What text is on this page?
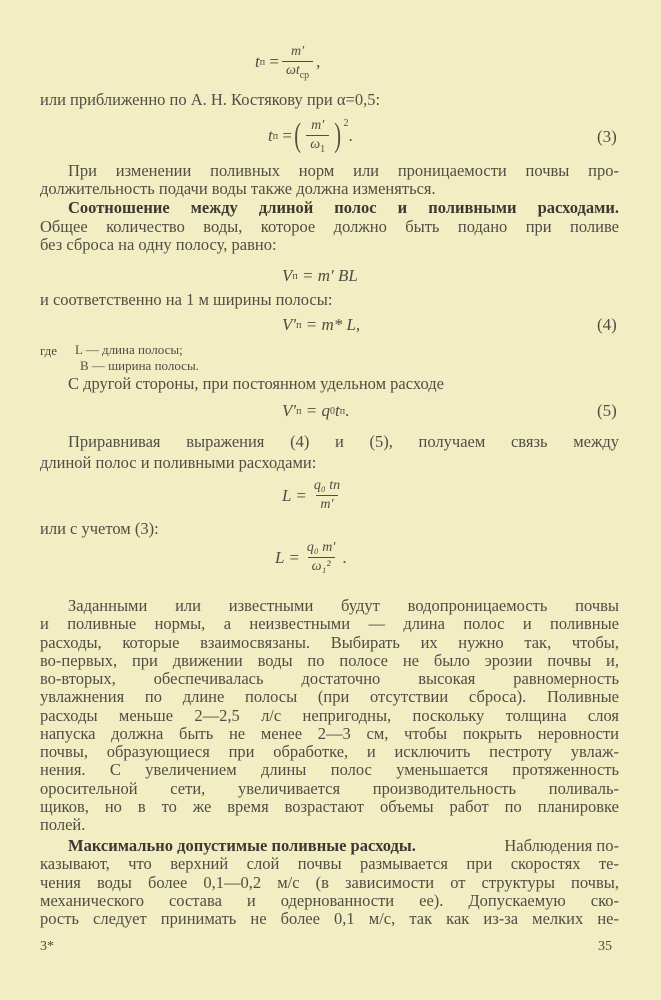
t $п = \frac{m'}{\omega t_{ср}}$ ,
t п = ( $\frac{m'}{\omega_1} )^2$
.	(3)
V п
= m′ BL
V′ п
= m* L,	(4)
V′ п
= q 0 t п .	(5)
$L = \frac{\text{q₀ tп}}{m'}$
$L = \frac{\text{q₀ m′}}{\text{ω₁²}}$ .
или приближенно по А. Н. Костякову при α=0,5:
При изменении поливных норм или проницаемости почвы про-
должительность подачи воды также должна изменяться.
Соотношение между длиной полос и поливными расходами.
Общее количество воды, которое должно быть подано при поливе
без сброса на одну полосу, равно:
и соответственно на 1 м ширины полосы:
С другой стороны, при постоянном удельном расходе
Приравнивая выражения (4) и (5), получаем связь между
длиной полос и поливными расходами:
или с учетом (3):
Заданными или известными будут водопроницаемость почвы
и поливные нормы, а неизвестными — длина полос и поливные
расходы, которые взаимосвязаны. Выбирать их нужно так, чтобы,
во-первых, при движении воды по полосе не было эрозии почвы и,
во-вторых, обеспечивалась достаточно высокая равномерность
увлажнения по длине полосы (при отсутствии сброса). Поливные
расходы меньше 2—2,5 л/с непригодны, поскольку толщина слоя
напуска должна быть не менее 2—3 см, чтобы покрыть неровности
почвы, образующиеся при обработке, и исключить пестроту увлаж-
нения. С увеличением длины полос уменьшается протяженность
оросительной сети, увеличивается производительность поливаль-
щиков, но в то же время возрастают объемы работ по планировке
полей.
казывают, что верхний слой почвы размывается при скоростях те-
чения воды более 0,1—0,2 м/с (в зависимости от структуры почвы,
механического состава и одернованности ее). Допускаемую ско-
рость следует принимать не более 0,1 м/с, так как из-за мелких не-
Максимально допустимые поливные расходы.	Наблюдения по-
где L — длина полосы;
B — ширина полосы.
3*	35
